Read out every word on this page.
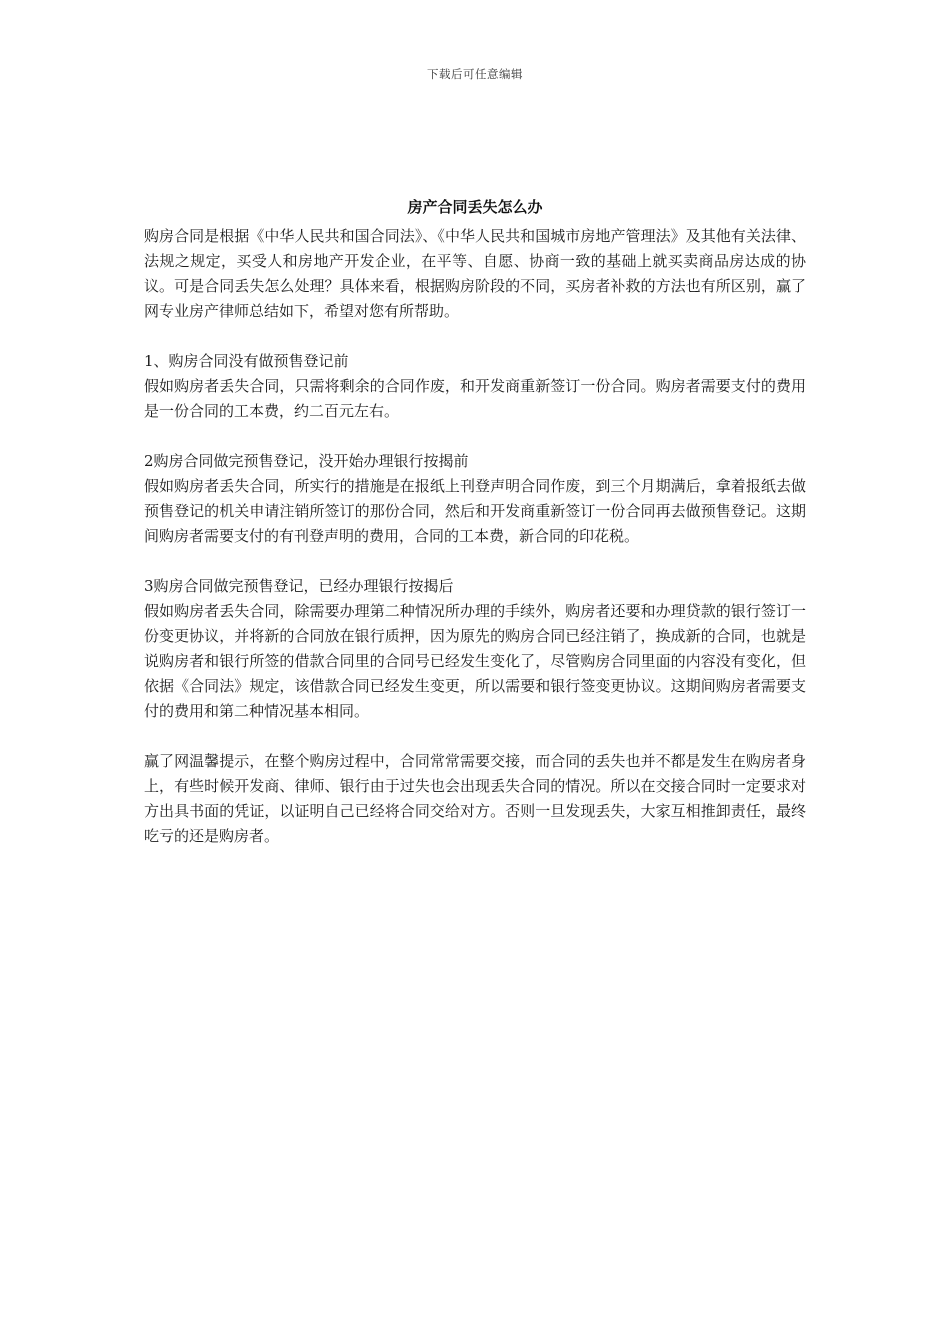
下载后可任意编辑
房产合同丢失怎么办

购房合同是根据《中华人民共和国合同法》、《中华人民共和国城市房地产管理法》及其他有关法律、法规之规定，买受人和房地产开发企业，在平等、自愿、协商一致的基础上就买卖商品房达成的协议。可是合同丢失怎么处理？具体来看，根据购房阶段的不同，买房者补救的方法也有所区别，赢了网专业房产律师总结如下，希望对您有所帮助。

1、购房合同没有做预售登记前

假如购房者丢失合同，只需将剩余的合同作废，和开发商重新签订一份合同。购房者需要支付的费用是一份合同的工本费，约二百元左右。

2购房合同做完预售登记，没开始办理银行按揭前

假如购房者丢失合同，所实行的措施是在报纸上刊登声明合同作废，到三个月期满后，拿着报纸去做预售登记的机关申请注销所签订的那份合同，然后和开发商重新签订一份合同再去做预售登记。这期间购房者需要支付的有刊登声明的费用，合同的工本费，新合同的印花税。

3购房合同做完预售登记，已经办理银行按揭后

假如购房者丢失合同，除需要办理第二种情况所办理的手续外，购房者还要和办理贷款的银行签订一份变更协议，并将新的合同放在银行质押，因为原先的购房合同已经注销了，换成新的合同，也就是说购房者和银行所签的借款合同里的合同号已经发生变化了，尽管购房合同里面的内容没有变化，但依据《合同法》规定，该借款合同已经发生变更，所以需要和银行签变更协议。这期间购房者需要支付的费用和第二种情况基本相同。

赢了网温馨提示，在整个购房过程中，合同常常需要交接，而合同的丢失也并不都是发生在购房者身上，有些时候开发商、律师、银行由于过失也会出现丢失合同的情况。所以在交接合同时一定要求对方出具书面的凭证，以证明自己已经将合同交给对方。否则一旦发现丢失，大家互相推卸责任，最终吃亏的还是购房者。
